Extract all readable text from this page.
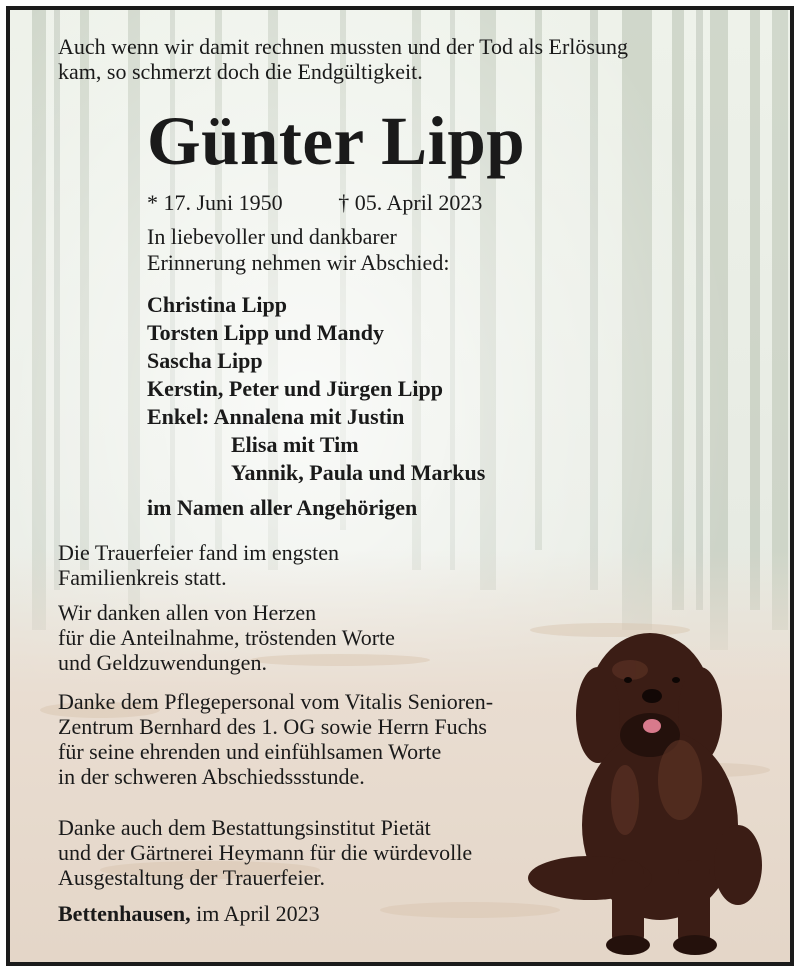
Auch wenn wir damit rechnen mussten und der Tod als Erlösung
kam, so schmerzt doch die Endgültigkeit.
Günter Lipp
* 17. Juni 1950	† 05. April 2023
In liebevoller und dankbarer
Erinnerung nehmen wir Abschied:
Christina Lipp
Torsten Lipp und Mandy
Sascha Lipp
Kerstin, Peter und Jürgen Lipp
Enkel: Annalena mit Justin
Elisa mit Tim
Yannik, Paula und Markus
im Namen aller Angehörigen
Die Trauerfeier fand im engsten
Familienkreis statt.
Wir danken allen von Herzen
für die Anteilnahme, tröstenden Worte
und Geldzuwendungen.
Danke dem Pflegepersonal vom Vitalis Senioren-
Zentrum Bernhard des 1. OG sowie Herrn Fuchs
für seine ehrenden und einfühlsamen Worte
in der schweren Abschiedssstunde.
Danke auch dem Bestattungsinstitut Pietät
und der Gärtnerei Heymann für die würdevolle
Ausgestaltung der Trauerfeier.
Bettenhausen, im April 2023
